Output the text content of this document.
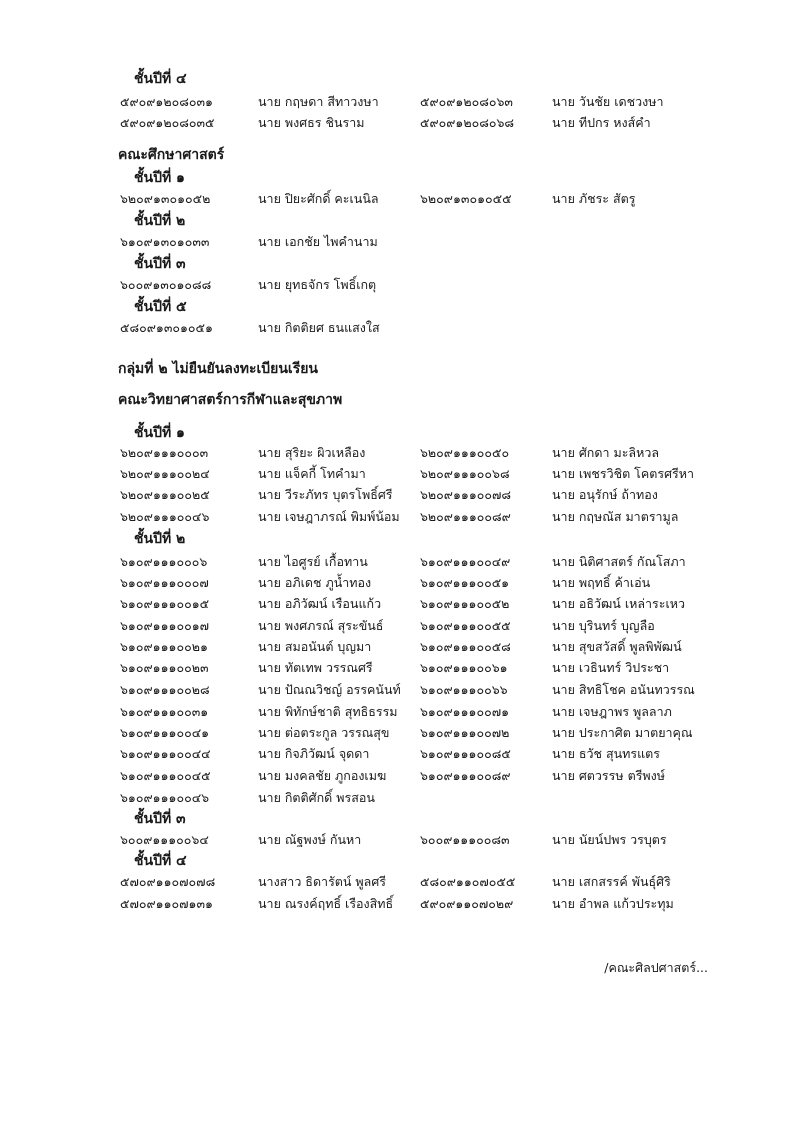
ชั้นปีที่ ๔
๕๙๐๙๑๒๐๘๐๓๑	นาย กฤษดา สีทาวงษา	๕๙๐๙๑๒๐๘๐๖๓	นาย วันชัย เดชวงษา
๕๙๐๙๑๒๐๘๐๓๕	นาย พงศธร ชินราม	๕๙๐๙๑๒๐๘๐๖๘	นาย ทีปกร หงส์คำ
คณะศึกษาศาสตร์
ชั้นปีที่ ๑
๖๒๐๙๑๓๐๑๐๕๒	นาย ปิยะศักดิ์ คะเนนิล	๖๒๐๙๑๓๐๑๐๕๕	นาย ภัชระ สัตรู
ชั้นปีที่ ๒
๖๑๐๙๑๓๐๑๐๓๓	นาย เอกชัย ไพคำนาม
ชั้นปีที่ ๓
๖๐๐๙๑๓๐๑๐๘๘	นาย ยุทธจักร โพธิ์เกตุ
ชั้นปีที่ ๕
๕๘๐๙๑๓๐๑๐๕๑	นาย กิตติยศ ธนแสงใส
กลุ่มที่ ๒ ไม่ยืนยันลงทะเบียนเรียน
คณะวิทยาศาสตร์การกีฬาและสุขภาพ
ชั้นปีที่ ๑
๖๒๐๙๑๑๑๐๐๐๓	นาย สุริยะ ผิวเหลือง	๖๒๐๙๑๑๑๐๐๕๐	นาย ศักดา มะลิหวล
๖๒๐๙๑๑๑๐๐๒๔	นาย แจ็คกี้ โทคำมา	๖๒๐๙๑๑๑๐๐๖๘	นาย เพชรวิชิต โคตรศรีหา
๖๒๐๙๑๑๑๐๐๒๕	นาย วีระภัทร บุตรโพธิ์ศรี ๖๒๐๙๑๑๑๐๐๗๘	นาย อนุรักษ์ ถ้าทอง
๖๒๐๙๑๑๑๐๐๔๖	นาย เจษฎาภรณ์ พิมพ์น้อม ๖๒๐๙๑๑๑๐๐๘๙	นาย กฤษณัส มาตรามูล
ชั้นปีที่ ๒
๖๑๐๙๑๑๑๐๐๐๖	นาย ไอศูรย์ เกื้อทาน	๖๑๐๙๑๑๑๐๐๔๙	นาย นิติศาสตร์ กัณโสภา
๖๑๐๙๑๑๑๐๐๐๗	นาย อภิเดช ภูน้ำทอง	๖๑๐๙๑๑๑๐๐๕๑	นาย พฤทธิ์ ค้าเอ่น
๖๑๐๙๑๑๑๐๐๑๕	นาย อภิวัฒน์ เรือนแก้ว	๖๑๐๙๑๑๑๐๐๕๒	นาย อธิวัฒน์ เหล่าระเหว
๖๑๐๙๑๑๑๐๐๑๗	นาย พงศภรณ์ สุระขันธ์	๖๑๐๙๑๑๑๐๐๕๕	นาย บุรินทร์ บุญลือ
๖๑๐๙๑๑๑๐๐๒๑	นาย สมอนันต์ บุญมา	๖๑๐๙๑๑๑๐๐๕๘	นาย สุขสวัสดิ์ พูลพิพัฒน์
๖๑๐๙๑๑๑๐๐๒๓	นาย ทัตเทพ วรรณศรี	๖๑๐๙๑๑๑๐๐๖๑	นาย เวธินทร์ วิประชา
๖๑๐๙๑๑๑๐๐๒๘	นาย ปัณณวิชญ์ อรรคนันท์ ๖๑๐๙๑๑๑๐๐๖๖	นาย สิทธิโชค อนันทวรรณ
๖๑๐๙๑๑๑๐๐๓๑	นาย พิทักษ์ชาติ สุทธิธรรม ๖๑๐๙๑๑๑๐๐๗๑	นาย เจษฎาพร พูลลาภ
๖๑๐๙๑๑๑๐๐๔๑	นาย ต่อตระกูล วรรณสุข ๖๑๐๙๑๑๑๐๐๗๒	นาย ประกาศิต มาตยาคุณ
๖๑๐๙๑๑๑๐๐๔๔	นาย กิจภิวัฒน์ จุดดา	๖๑๐๙๑๑๑๐๐๘๕	นาย ธวัช สุนทรแตร
๖๑๐๙๑๑๑๐๐๔๕	นาย มงคลชัย ภูกองเมฆ	๖๑๐๙๑๑๑๐๐๘๙	นาย ศตวรรษ ตรีพงษ์
๖๑๐๙๑๑๑๐๐๔๖	นาย กิตติศักดิ์ พรสอน
ชั้นปีที่ ๓
๖๐๐๙๑๑๑๐๐๖๔	นาย ณัฐพงษ์ กันหา	๖๐๐๙๑๑๑๐๐๘๓	นาย นัยน์ปพร วรบุตร
ชั้นปีที่ ๔
๕๗๐๙๑๑๐๗๐๗๘	นางสาว ธิดารัตน์ พูลศรี	๕๘๐๙๑๑๐๗๐๕๕	นาย เสกสรรค์ พันธุ์ศิริ
๕๗๐๙๑๑๐๗๑๓๑	นาย ณรงค์ฤทธิ์ เรืองสิทธิ์ ๕๙๐๙๑๑๐๗๐๒๙	นาย อำพล แก้วประทุม
/คณะศิลปศาสตร์...
